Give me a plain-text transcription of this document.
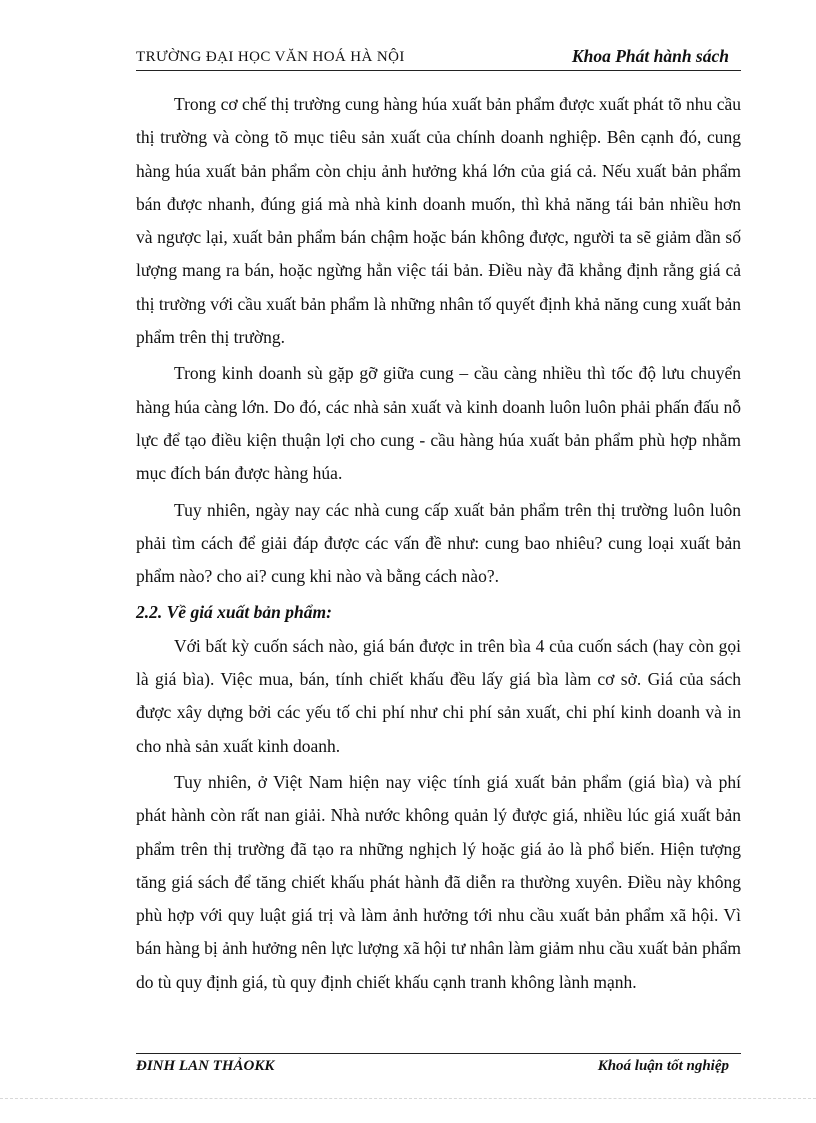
TRƯỜNG ĐẠI HỌC VĂN HOÁ HÀ NỘI	Khoa Phát hành sách

Trong cơ chế thị trường cung hàng húa xuất bản phẩm được xuất phát tõ nhu cầu thị trường và còng tõ mục tiêu sản xuất của chính doanh nghiệp. Bên cạnh đó, cung hàng húa xuất bản phẩm còn chịu ảnh hưởng khá lớn của giá cả. Nếu xuất bản phẩm bán được nhanh, đúng giá mà nhà kinh doanh muốn, thì khả năng tái bản nhiều hơn và ngược lại, xuất bản phẩm bán chậm hoặc bán không được, người ta sẽ giảm dần số lượng mang ra bán, hoặc ngừng hẳn việc tái bản. Điều này đã khẳng định rằng giá cả thị trường với cầu xuất bản phẩm là những nhân tố quyết định khả năng cung xuất bản phẩm trên thị trường.

Trong kinh doanh sù gặp gỡ giữa cung – cầu càng nhiều thì tốc độ lưu chuyển hàng húa càng lớn. Do đó, các nhà sản xuất và kinh doanh luôn luôn phải phấn đấu nỗ lực để tạo điều kiện thuận lợi cho cung - cầu hàng húa xuất bản phẩm phù hợp nhằm mục đích bán được hàng húa.

Tuy nhiên, ngày nay các nhà cung cấp xuất bản phẩm trên thị trường luôn luôn phải tìm cách để giải đáp được các vấn đề như: cung bao nhiêu? cung loại xuất bản phẩm nào? cho ai? cung khi nào và bằng cách nào?.

2.2. Về giá xuất bản phẩm:

Với bất kỳ cuốn sách nào, giá bán được in trên bìa 4 của cuốn sách (hay còn gọi là giá bìa). Việc mua, bán, tính chiết khấu đều lấy giá bìa làm cơ sở. Giá của sách được xây dựng bởi các yếu tố chi phí như chi phí sản xuất, chi phí kinh doanh và in cho nhà sản xuất kinh doanh.

Tuy nhiên, ở Việt Nam hiện nay việc tính giá xuất bản phẩm (giá bìa) và phí phát hành còn rất nan giải. Nhà nước không quản lý được giá, nhiều lúc giá xuất bản phẩm trên thị trường đã tạo ra những nghịch lý hoặc giá ảo là phổ biến. Hiện tượng tăng giá sách để tăng chiết khấu phát hành đã diễn ra thường xuyên. Điều này không phù hợp với quy luật giá trị và làm ảnh hưởng tới nhu cầu xuất bản phẩm xã hội. Vì bán hàng bị ảnh hưởng nên lực lượng xã hội tư nhân làm giảm nhu cầu xuất bản phẩm do tù quy định giá, tù quy định chiết khấu cạnh tranh không lành mạnh.

ĐINH LAN THẢOKK	Khoá luận tốt nghiệp
